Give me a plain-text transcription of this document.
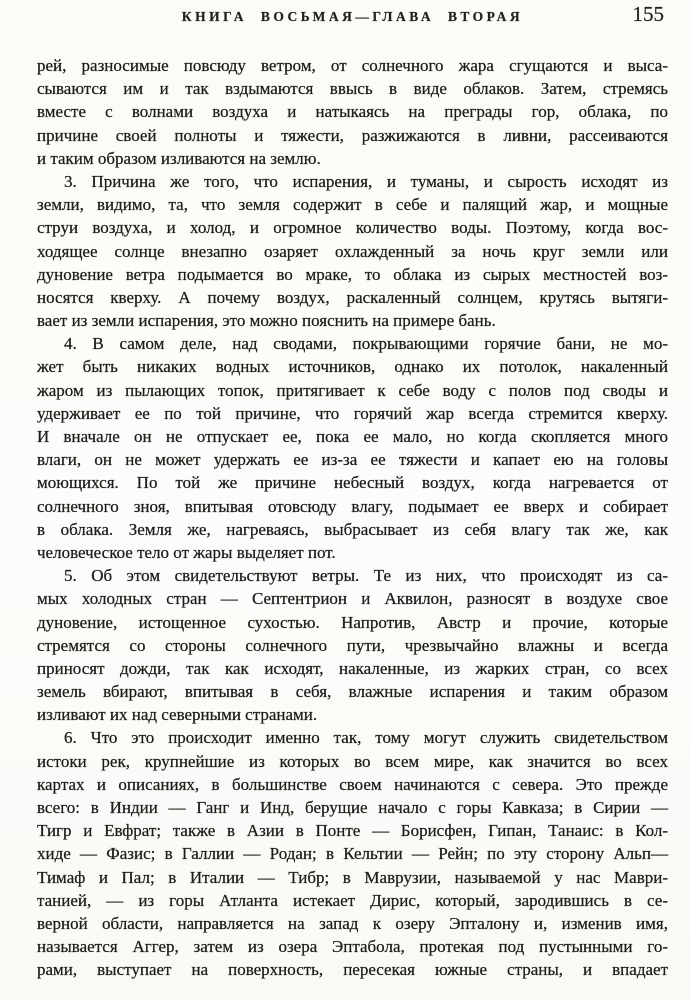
КНИГА ВОСЬМАЯ—ГЛАВА ВТОРАЯ	155
рей, разносимые повсюду ветром, от солнечного жара сгущаются и выса-
сываются им и так вздымаются ввысь в виде облаков. Затем, стремясь
вместе с волнами воздуха и натыкаясь на преграды гор, облака, по
причине своей полноты и тяжести, разжижаются в ливни, рассеиваются
и таким образом изливаются на землю.
3. Причина же того, что испарения, и туманы, и сырость исходят из
земли, видимо, та, что земля содержит в себе и палящий жар, и мощные
струи воздуха, и холод, и огромное количество воды. Поэтому, когда вос-
ходящее солнце внезапно озаряет охлажденный за ночь круг земли или
дуновение ветра подымается во мраке, то облака из сырых местностей воз-
носятся кверху. А почему воздух, раскаленный солнцем, крутясь вытяги-
вает из земли испарения, это можно пояснить на примере бань.
4. В самом деле, над сводами, покрывающими горячие бани, не мо-
жет быть никаких водных источников, однако их потолок, накаленный
жаром из пылающих топок, притягивает к себе воду с полов под своды и
удерживает ее по той причине, что горячий жар всегда стремится кверху.
И вначале он не отпускает ее, пока ее мало, но когда скопляется много
влаги, он не может удержать ее из-за ее тяжести и капает ею на головы
моющихся. По той же причине небесный воздух, когда нагревается от
солнечного зноя, впитывая отовсюду влагу, подымает ее вверх и собирает
в облака. Земля же, нагреваясь, выбрасывает из себя влагу так же, как
человеческое тело от жары выделяет пот.
5. Об этом свидетельствуют ветры. Те из них, что происходят из са-
мых холодных стран — Септентрион и Аквилон, разносят в воздухе свое
дуновение, истощенное сухостью. Напротив, Австр и прочие, которые
стремятся со стороны солнечного пути, чрезвычайно влажны и всегда
приносят дожди, так как исходят, накаленные, из жарких стран, со всех
земель вбирают, впитывая в себя, влажные испарения и таким образом
изливают их над северными странами.
6. Что это происходит именно так, тому могут служить свидетельством
истоки рек, крупнейшие из которых во всем мире, как значится во всех
картах и описаниях, в большинстве своем начинаются с севера. Это прежде
всего: в Индии — Ганг и Инд, берущие начало с горы Кавказа; в Сирии —
Тигр и Евфрат; также в Азии в Понте — Борисфен, Гипан, Танаис: в Кол-
хиде — Фазис; в Галлии — Родан; в Кельтии — Рейн; по эту сторону Альп—
Тимаф и Пал; в Италии — Тибр; в Маврузии, называемой у нас Маври-
танией, — из горы Атланта истекает Дирис, который, зародившись в се-
верной области, направляется на запад к озеру Эпталону и, изменив имя,
называется Аггер, затем из озера Эптабола, протекая под пустынными го-
рами, выступает на поверхность, пересекая южные страны, и впадает
